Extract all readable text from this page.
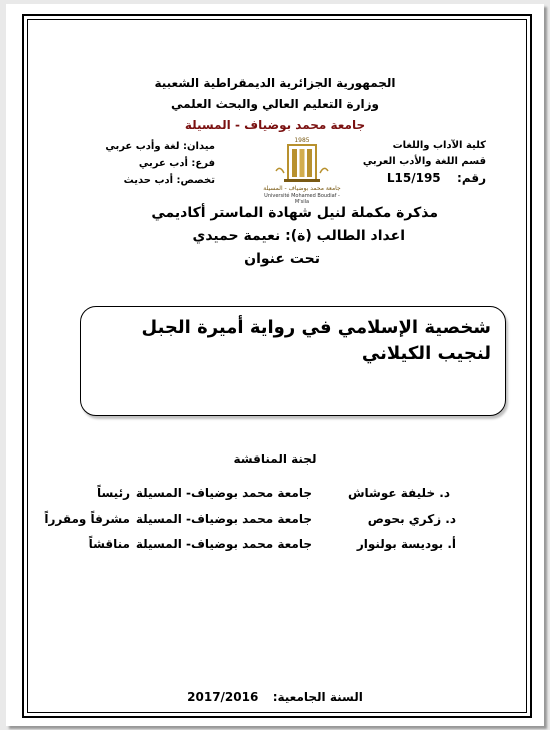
الجمهورية الجزائرية الديمقراطية الشعبية
وزارة التعليم العالي والبحث العلمي
جامعة محمد بوضياف - المسيلة
كلية الآداب واللغات
قسم اللغة والأدب العربي
رقم:  L15/195
ميدان: لغة وأدب عربي
فرع: أدب عربي
تخصص: أدب حديث
1985
جامعة محمد بوضياف - المسيلة
Université Mohamed Boudiaf - M'sila
مذكرة مكملة لنيل شهادة الماستر أكاديمي
اعداد الطالب (ة): نعيمة حميدي
تحت عنوان
شخصية الإسلامي في رواية أميرة الجبل
لنجيب الكيلاني
لجنة المناقشة
د. خليفة عوشاش
جامعة محمد بوضياف- المسيلة
رئيساً
د. زكري بحوص
جامعة محمد بوضياف- المسيلة
مشرفاً ومقرراً
أ. بوديسة بولنوار
جامعة محمد بوضياف- المسيلة
مناقشاً
السنة الجامعية:  2017/2016
